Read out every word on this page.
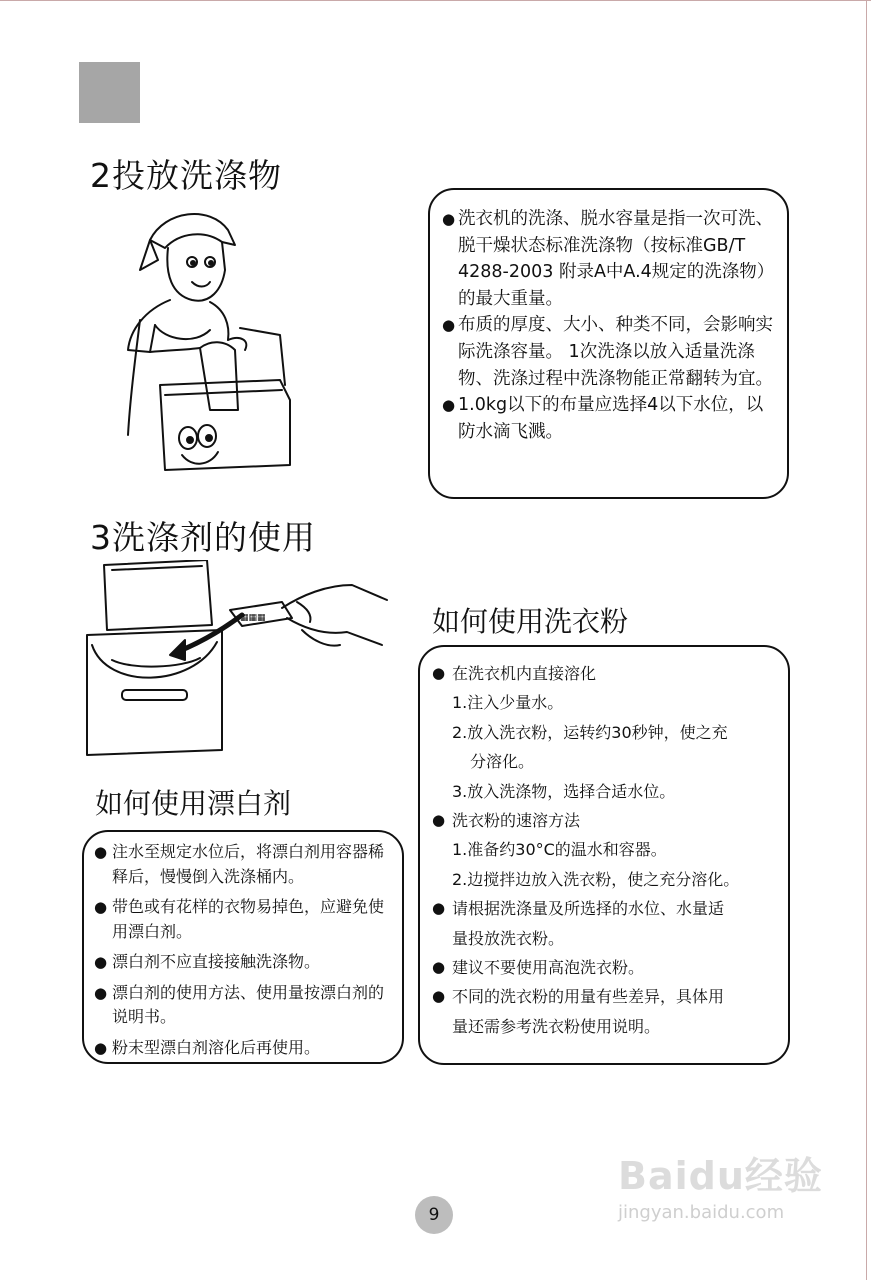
2投放洗涤物
● 洗衣机的洗涤、脱水容量是指一次可洗、脱干燥状态标准洗涤物（按标准GB/T 4288-2003 附录A中A.4规定的洗涤物）的最大重量。
● 布质的厚度、大小、种类不同，会影响实际洗涤容量。 1次洗涤以放入适量洗涤物、洗涤过程中洗涤物能正常翻转为宜。
● 1.0kg以下的布量应选择4以下水位，以防水滴飞溅。
3洗涤剂的使用
▦▦▦	如何使用洗衣粉

● 在洗衣机内直接溶化

1.注入少量水。

2.放入洗衣粉，运转约30秒钟，使之充

分溶化。

3.放入洗涤物，选择合适水位。

● 洗衣粉的速溶方法

1.准备约30°C的温水和容器。

2.边搅拌边放入洗衣粉，使之充分溶化。

● 请根据洗涤量及所选择的水位、水量适

量投放洗衣粉。

● 建议不要使用高泡洗衣粉。

● 不同的洗衣粉的用量有些差异，具体用

量还需参考洗衣粉使用说明。

如何使用漂白剂
● 注水至规定水位后，将漂白剂用容器稀释后，慢慢倒入洗涤桶内。
● 带色或有花样的衣物易掉色，应避免使用漂白剂。
● 漂白剂不应直接接触洗涤物。
● 漂白剂的使用方法、使用量按漂白剂的说明书。
● 粉末型漂白剂溶化后再使用。
9
Baidu经验
jingyan.baidu.com
